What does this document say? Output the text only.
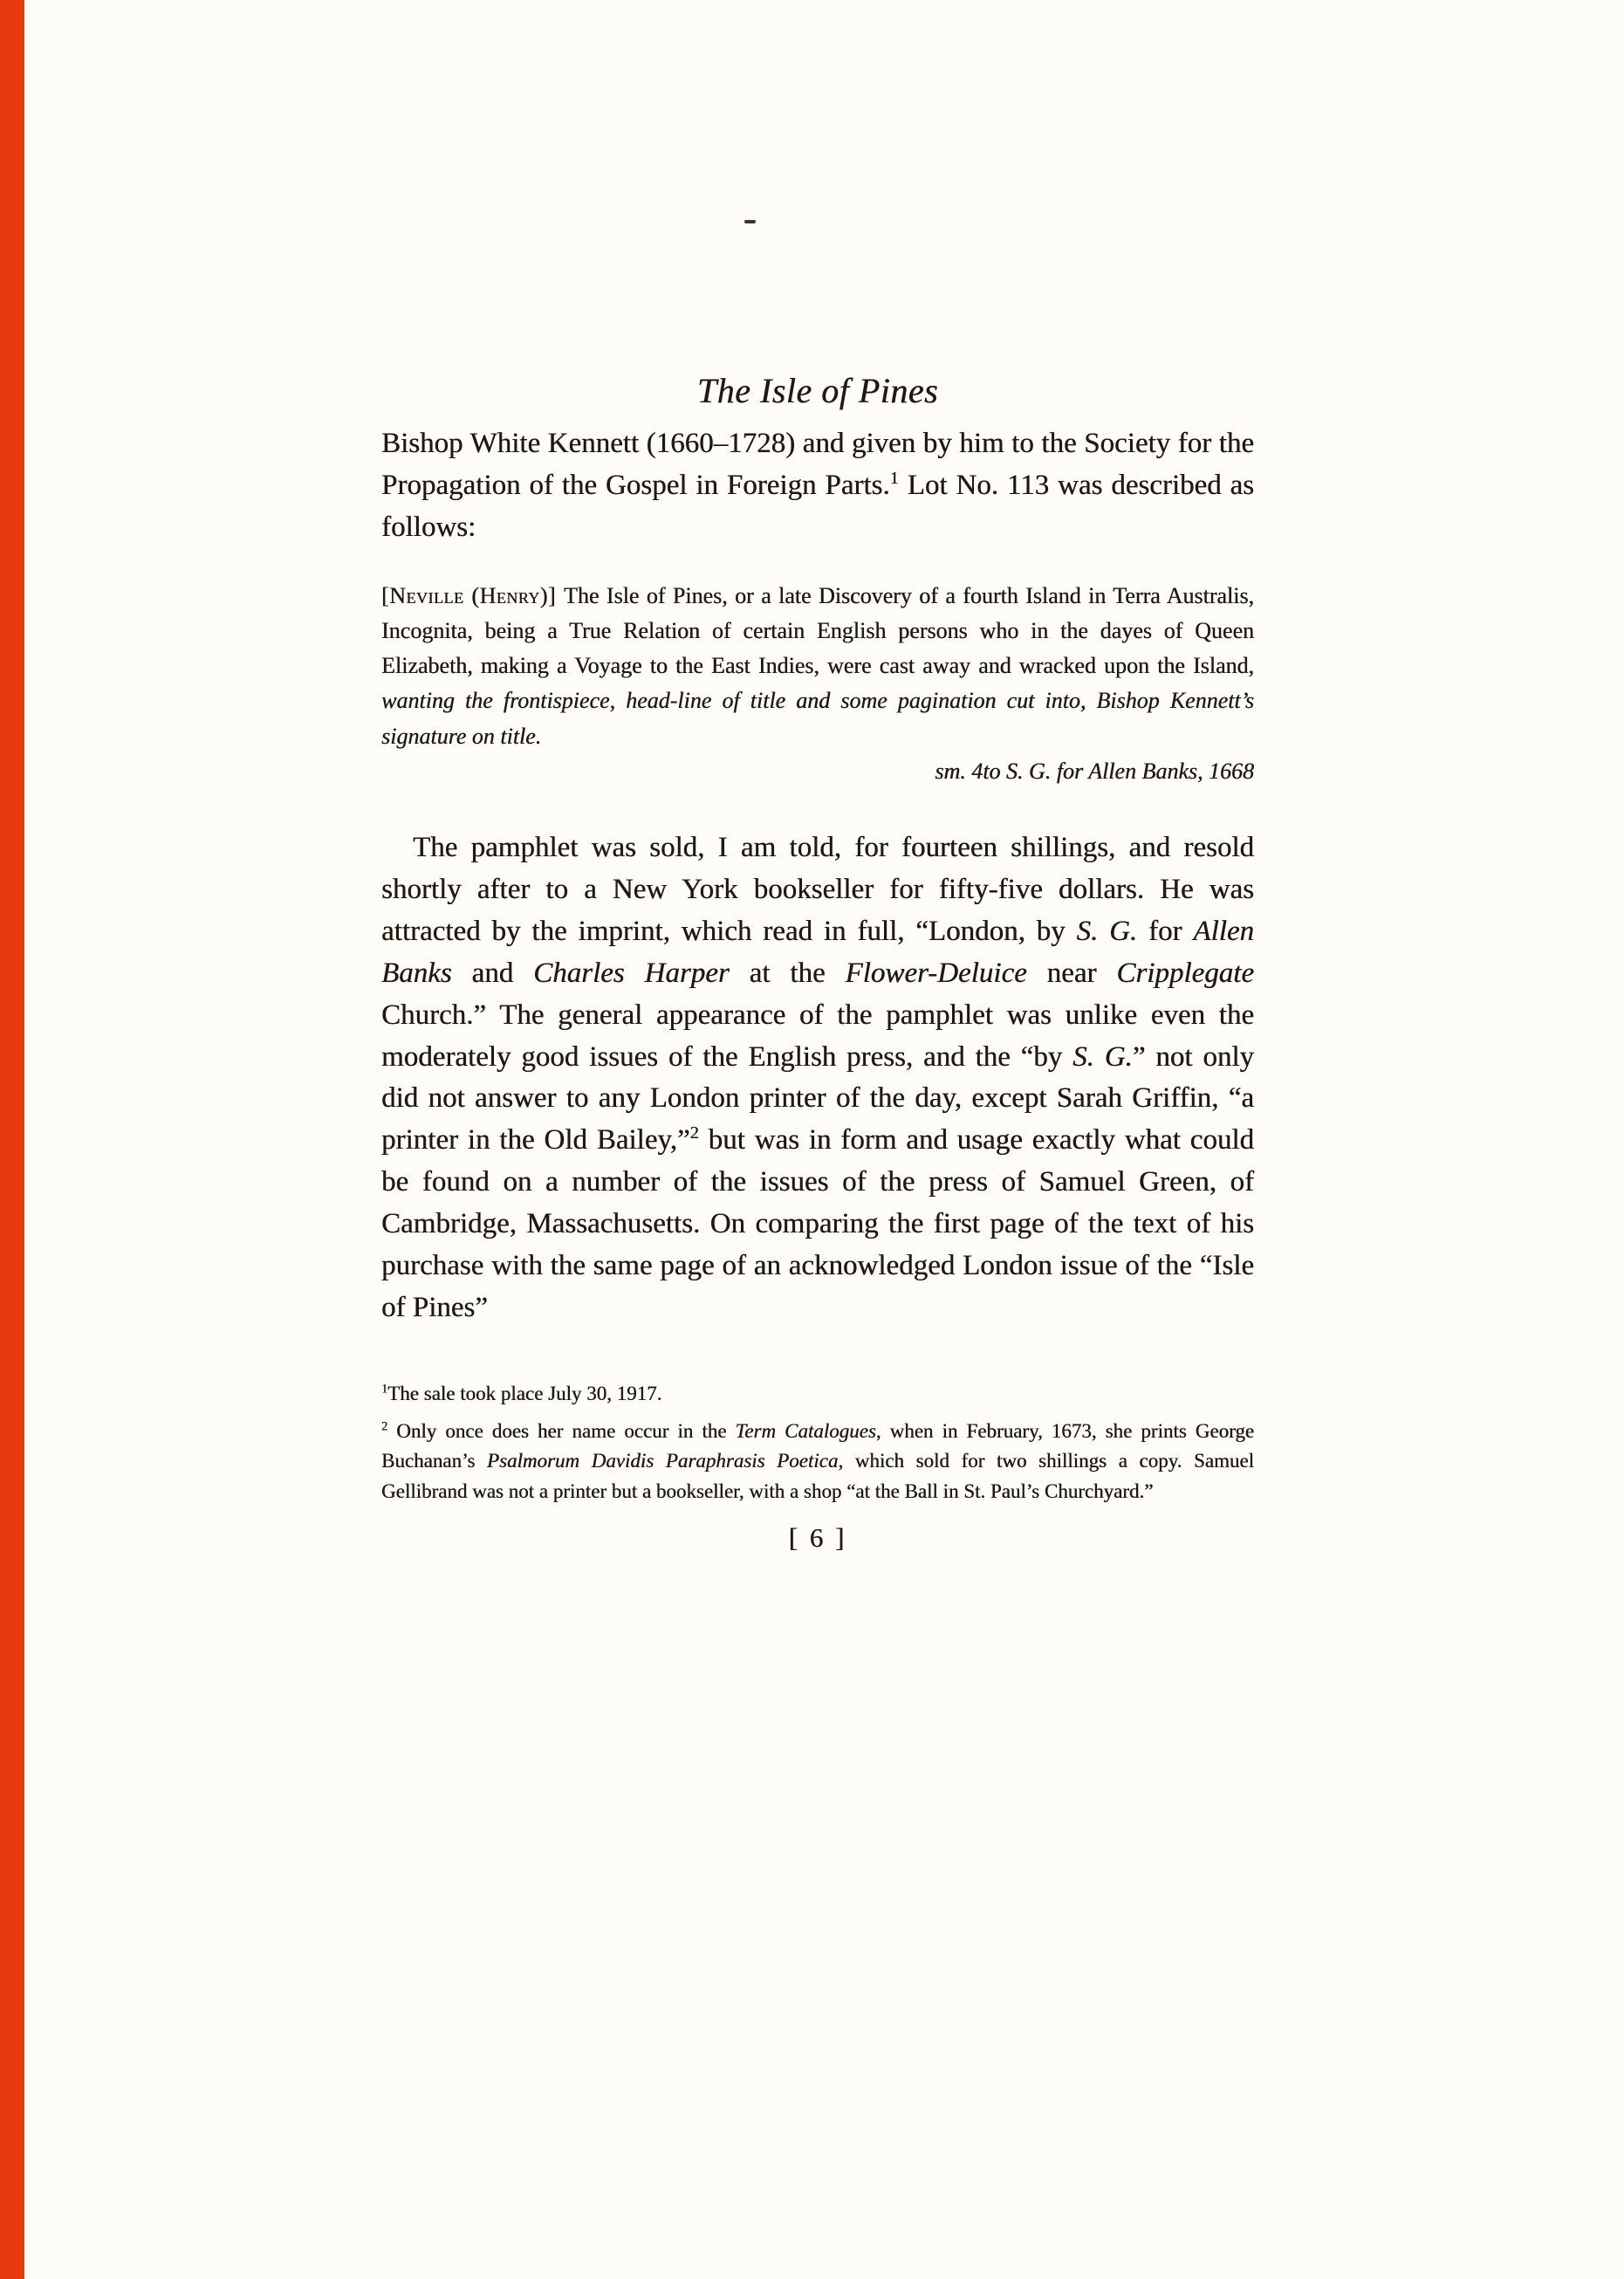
The Isle of Pines

Bishop White Kennett (1660–1728) and given by him to the Society for the Propagation of the Gospel in Foreign Parts.$^1$ Lot No. 113 was described as follows:

[Neville (Henry)] The Isle of Pines, or a late Discovery of a fourth Island in Terra Australis, Incognita, being a True Relation of certain English persons who in the dayes of Queen Elizabeth, making a Voyage to the East Indies, were cast away and wracked upon the Island, wanting the frontispiece, head-line of title and some pagination cut into, Bishop Kennett’s signature on title.

sm. 4to S. G. for Allen Banks, 1668

The pamphlet was sold, I am told, for fourteen shillings, and resold shortly after to a New York bookseller for fifty-five dollars. He was attracted by the imprint, which read in full, “London, by S. G. for Allen Banks and Charles Harper at the Flower-Deluice near Cripplegate Church.” The general appearance of the pamphlet was unlike even the moderately good issues of the English press, and the “by S. G.” not only did not answer to any London printer of the day, except Sarah Griffin, “a printer in the Old Bailey,”$^2$ but was in form and usage exactly what could be found on a number of the issues of the press of Samuel Green, of Cambridge, Massachusetts. On comparing the first page of the text of his purchase with the same page of an acknowledged London issue of the “Isle of Pines”

$^1$The sale took place July 30, 1917.

$^2$ Only once does her name occur in the Term Catalogues, when in February, 1673, she prints George Buchanan’s Psalmorum Davidis Paraphrasis Poetica, which sold for two shillings a copy. Samuel Gellibrand was not a printer but a bookseller, with a shop “at the Ball in St. Paul’s Churchyard.”

[ 6 ]
